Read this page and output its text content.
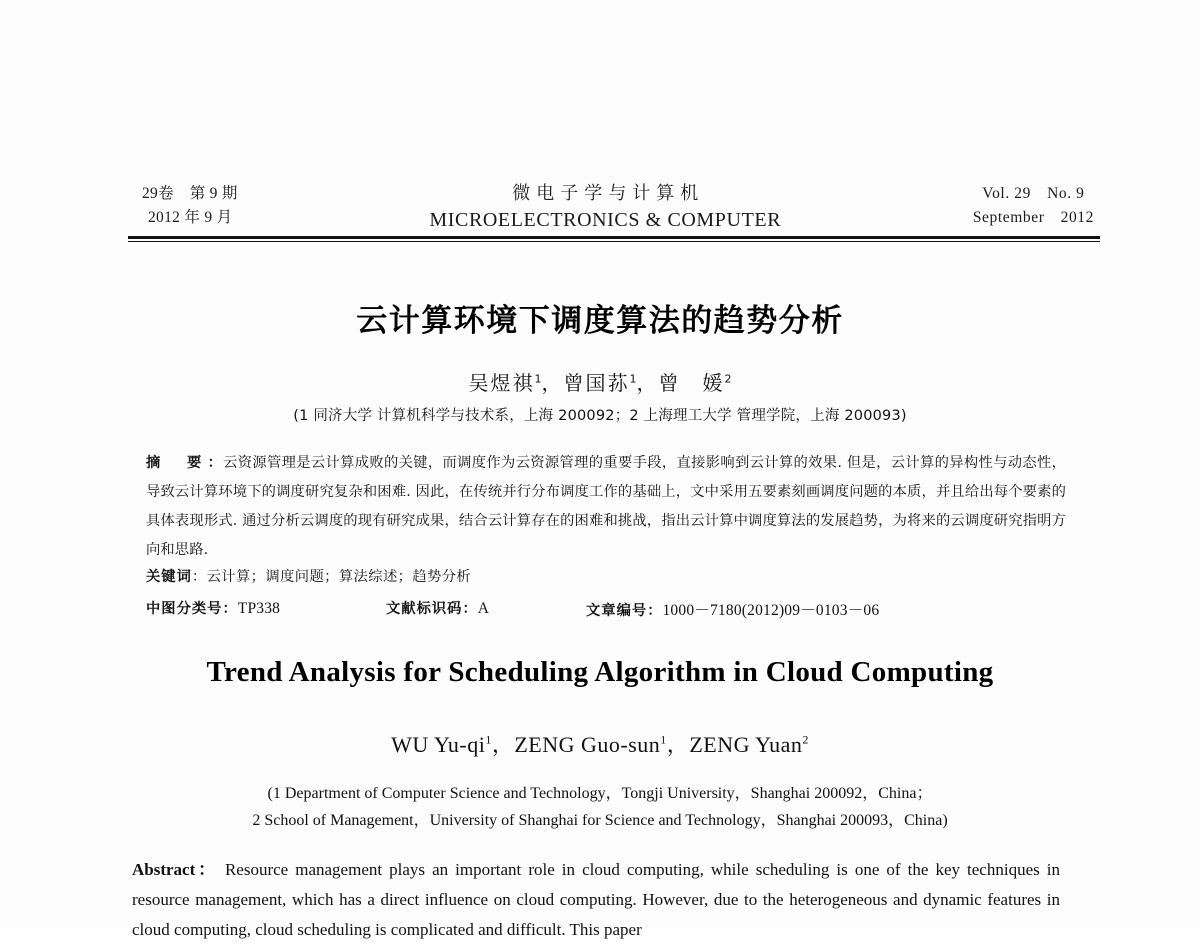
29卷　第 9 期
2012 年 9 月
微电子学与计算机
MICROELECTRONICS & COMPUTER
Vol. 29　No. 9
September　2012
云计算环境下调度算法的趋势分析
吴煜祺$^1$，曾国荪$^1$，曾　媛$^2$
(1 同济大学 计算机科学与技术系，上海 200092；2 上海理工大学 管理学院，上海 200093)
摘　要：云资源管理是云计算成败的关键，而调度作为云资源管理的重要手段，直接影响到云计算的效果. 但是，云计算的异构性与动态性，导致云计算环境下的调度研究复杂和困难. 因此，在传统并行分布调度工作的基础上，文中采用五要素刻画调度问题的本质，并且给出每个要素的具体表现形式. 通过分析云调度的现有研究成果，结合云计算存在的困难和挑战，指出云计算中调度算法的发展趋势，为将来的云调度研究指明方向和思路.
关键词：云计算；调度问题；算法综述；趋势分析
中图分类号：TP338	文献标识码：A	文章编号：1000－7180(2012)09－0103－06
Trend Analysis for Scheduling Algorithm in Cloud Computing
WU $Yu-qi^1$，ZENG Guo-sun$^1$，ZENG Yuan$^2$
(1 Department of Computer Science and Technology，Tongji University，Shanghai 200092，China；
2 School of Management，University of Shanghai for Science and Technology，Shanghai 200093，China)
Abstract： Resource management plays an important role in cloud computing, while scheduling is one of the key techniques in resource management, which has a direct influence on cloud computing. However, due to the heterogeneous and dynamic features in cloud computing, cloud scheduling is complicated and difficult. This paper
